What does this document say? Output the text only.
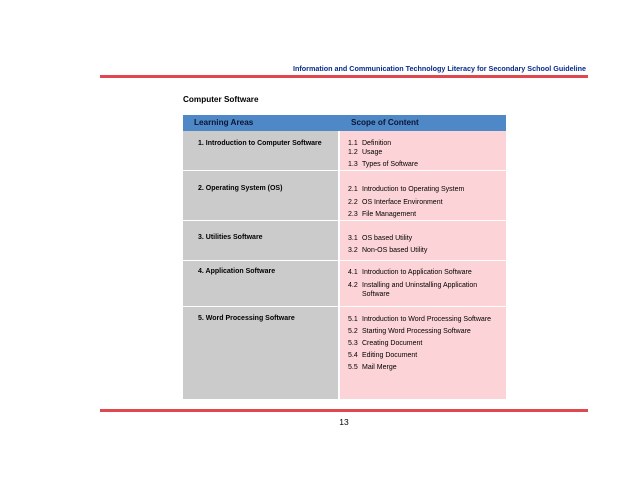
Information and Communication Technology Literacy for Secondary School Guideline
Computer Software
Learning Areas	Scope of Content
1. Introduction to Computer Software	1.1 Definition
1.2 Usage
1.3 Types of Software
2. Operating System (OS)	2.1 Introduction to Operating System
2.2 OS Interface Environment
2.3 File Management
3. Utilities Software	3.1 OS based Utility
3.2 Non-OS based Utility
4. Application Software	4.1 Introduction to Application Software
4.2 Installing and Uninstalling Application Software
5. Word Processing Software	5.1 Introduction to Word Processing Software
5.2 Starting Word Processing Software
5.3 Creating Document
5.4 Editing Document
5.5 Mail Merge
13
